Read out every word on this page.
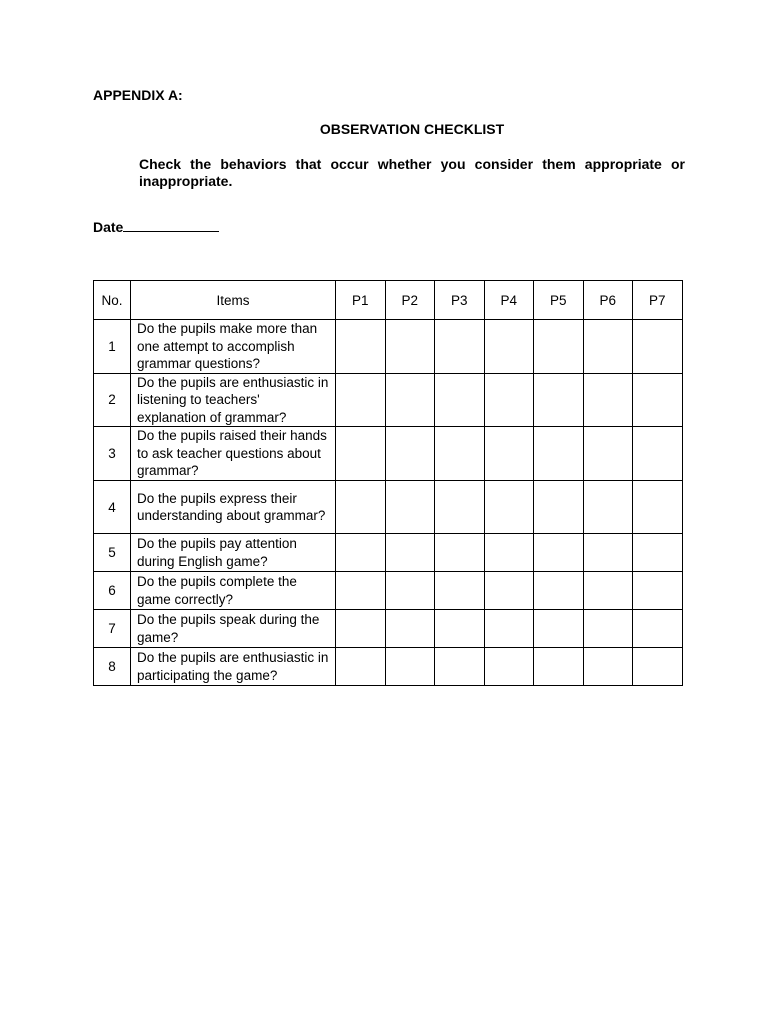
APPENDIX A:
OBSERVATION CHECKLIST
Check the behaviors that occur whether you consider them appropriate or inappropriate.
Date
No.	Items	P1	P2	P3	P4	P5	P6	P7
1	Do the pupils make more than one attempt to accomplish grammar questions?							
2	Do the pupils are enthusiastic in listening to teachers' explanation of grammar?							
3	Do the pupils raised their hands to ask teacher questions about grammar?							
4	Do the pupils express their understanding about grammar?							
5	Do the pupils pay attention during English game?							
6	Do the pupils complete the game correctly?							
7	Do the pupils speak during the game?							
8	Do the pupils are enthusiastic in participating the game?							
